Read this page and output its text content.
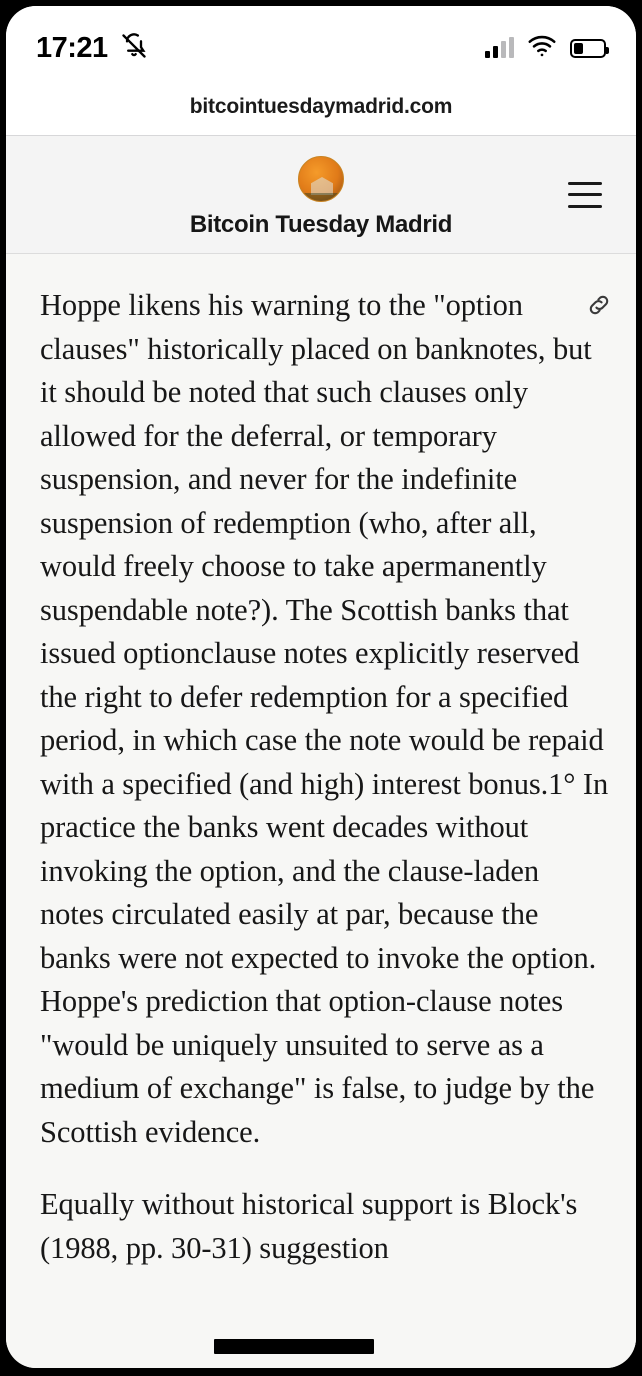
17:21
bitcointuesdaymadrid.com
Bitcoin Tuesday Madrid

Hoppe likens his warning to the "option clauses" historically placed on banknotes, but it should be noted that such clauses only allowed for the deferral, or temporary suspension, and never for the indefinite suspension of redemption (who, after all, would freely choose to take apermanently suspendable note?). The Scottish banks that issued optionclause notes explicitly reserved the right to defer redemption for a specified period, in which case the note would be repaid with a specified (and high) interest bonus.1° In practice the banks went decades without invoking the option, and the clause-laden notes circulated easily at par, because the banks were not expected to invoke the option. Hoppe's prediction that option-clause notes "would be uniquely unsuited to serve as a medium of exchange" is false, to judge by the Scottish evidence.

Equally without historical support is Block's (1988, pp. 30-31) suggestion
